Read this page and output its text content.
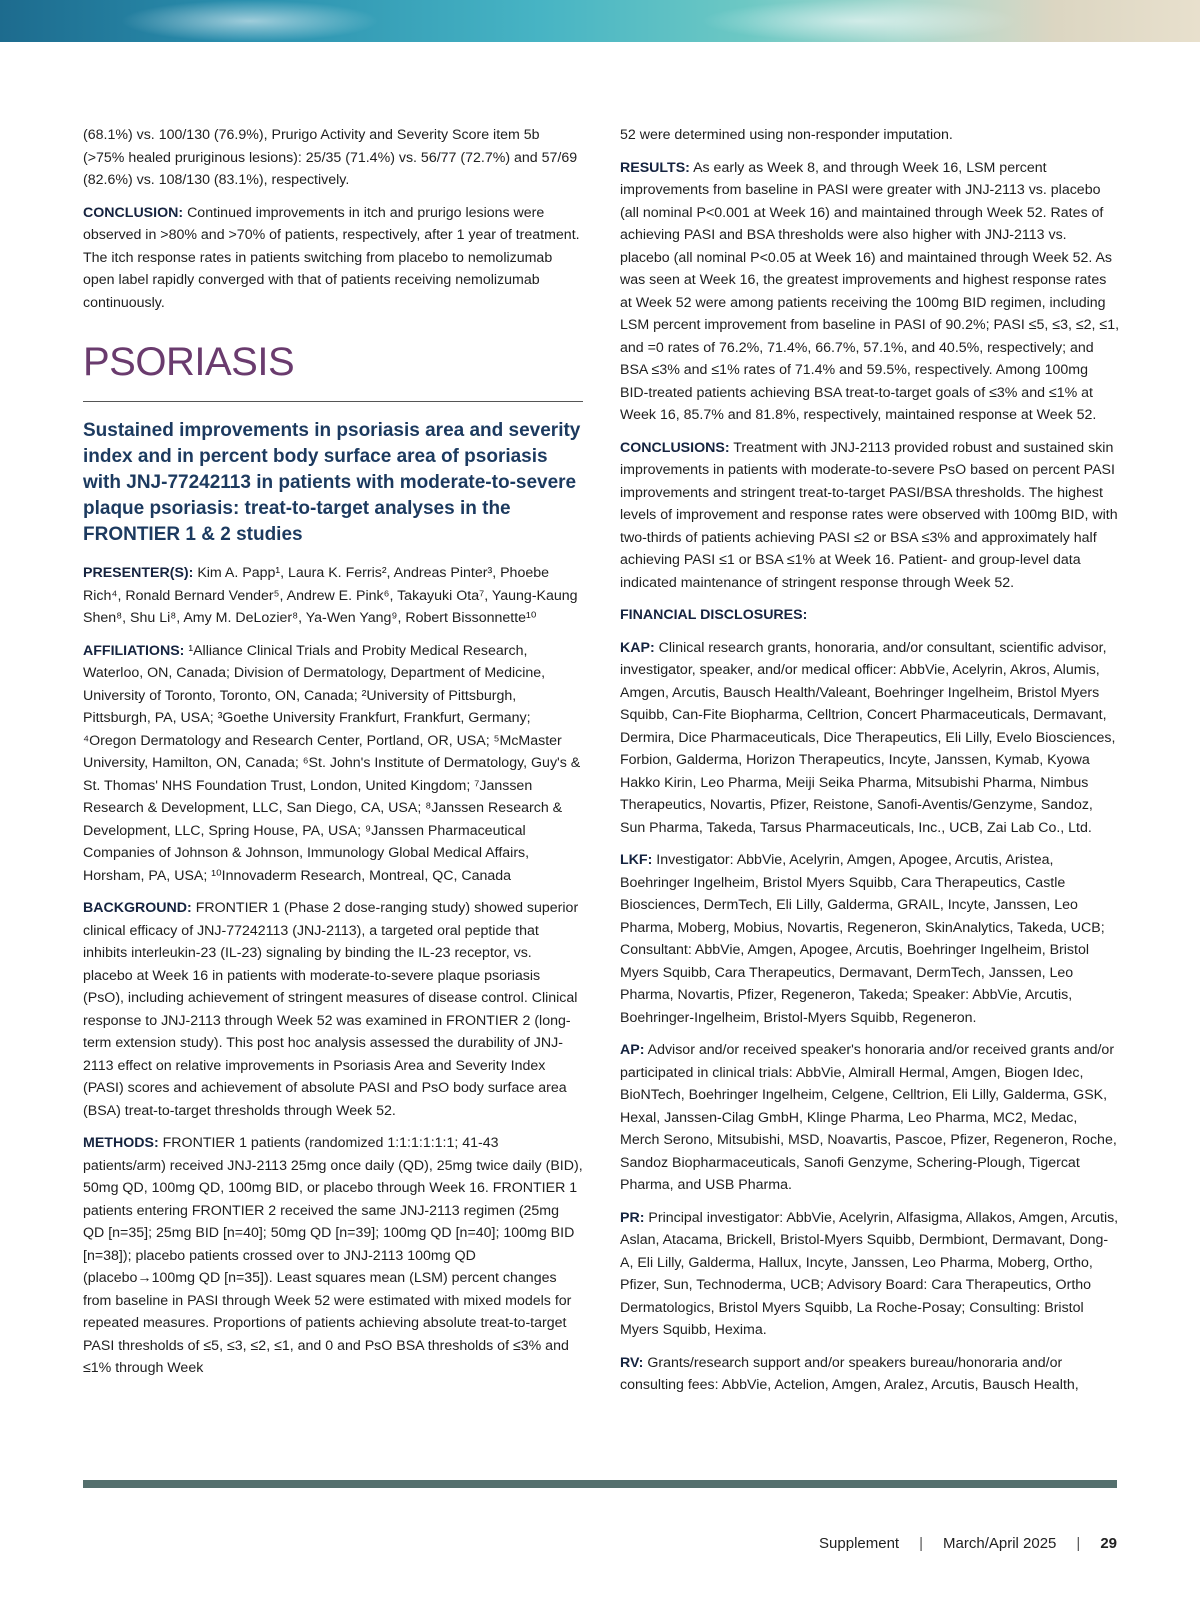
(68.1%) vs. 100/130 (76.9%), Prurigo Activity and Severity Score item 5b (>75% healed pruriginous lesions): 25/35 (71.4%) vs. 56/77 (72.7%) and 57/69 (82.6%) vs. 108/130 (83.1%), respectively.

CONCLUSION: Continued improvements in itch and prurigo lesions were observed in >80% and >70% of patients, respectively, after 1 year of treatment. The itch response rates in patients switching from placebo to nemolizumab open label rapidly converged with that of patients receiving nemolizumab continuously.

PSORIASIS
Sustained improvements in psoriasis area and severity index and in percent body surface area of psoriasis with JNJ-77242113 in patients with moderate-to-severe plaque psoriasis: treat-to-target analyses in the FRONTIER 1 & 2 studies

PRESENTER(S): Kim A. Papp¹, Laura K. Ferris², Andreas Pinter³, Phoebe Rich⁴, Ronald Bernard Vender⁵, Andrew E. Pink⁶, Takayuki Ota⁷, Yaung-Kaung Shen⁸, Shu Li⁸, Amy M. DeLozier⁸, Ya-Wen Yang⁹, Robert Bissonnette¹⁰

AFFILIATIONS: ¹Alliance Clinical Trials and Probity Medical Research, Waterloo, ON, Canada; Division of Dermatology, Department of Medicine, University of Toronto, Toronto, ON, Canada; ²University of Pittsburgh, Pittsburgh, PA, USA; ³Goethe University Frankfurt, Frankfurt, Germany; ⁴Oregon Dermatology and Research Center, Portland, OR, USA; ⁵McMaster University, Hamilton, ON, Canada; ⁶St. John's Institute of Dermatology, Guy's & St. Thomas' NHS Foundation Trust, London, United Kingdom; ⁷Janssen Research & Development, LLC, San Diego, CA, USA; ⁸Janssen Research & Development, LLC, Spring House, PA, USA; ⁹Janssen Pharmaceutical Companies of Johnson & Johnson, Immunology Global Medical Affairs, Horsham, PA, USA; ¹⁰Innovaderm Research, Montreal, QC, Canada

BACKGROUND: FRONTIER 1 (Phase 2 dose-ranging study) showed superior clinical efficacy of JNJ-77242113 (JNJ-2113), a targeted oral peptide that inhibits interleukin-23 (IL-23) signaling by binding the IL-23 receptor, vs. placebo at Week 16 in patients with moderate-to-severe plaque psoriasis (PsO), including achievement of stringent measures of disease control. Clinical response to JNJ-2113 through Week 52 was examined in FRONTIER 2 (long-term extension study). This post hoc analysis assessed the durability of JNJ-2113 effect on relative improvements in Psoriasis Area and Severity Index (PASI) scores and achievement of absolute PASI and PsO body surface area (BSA) treat-to-target thresholds through Week 52.

METHODS: FRONTIER 1 patients (randomized 1:1:1:1:1:1; 41-43 patients/arm) received JNJ-2113 25mg once daily (QD), 25mg twice daily (BID), 50mg QD, 100mg QD, 100mg BID, or placebo through Week 16. FRONTIER 1 patients entering FRONTIER 2 received the same JNJ-2113 regimen (25mg QD [n=35]; 25mg BID [n=40]; 50mg QD [n=39]; 100mg QD [n=40]; 100mg BID [n=38]); placebo patients crossed over to JNJ-2113 100mg QD (placebo→100mg QD [n=35]). Least squares mean (LSM) percent changes from baseline in PASI through Week 52 were estimated with mixed models for repeated measures. Proportions of patients achieving absolute treat-to-target PASI thresholds of ≤5, ≤3, ≤2, ≤1, and 0 and PsO BSA thresholds of ≤3% and ≤1% through Week

52 were determined using non-responder imputation.

RESULTS: As early as Week 8, and through Week 16, LSM percent improvements from baseline in PASI were greater with JNJ-2113 vs. placebo (all nominal P<0.001 at Week 16) and maintained through Week 52. Rates of achieving PASI and BSA thresholds were also higher with JNJ-2113 vs. placebo (all nominal P<0.05 at Week 16) and maintained through Week 52. As was seen at Week 16, the greatest improvements and highest response rates at Week 52 were among patients receiving the 100mg BID regimen, including LSM percent improvement from baseline in PASI of 90.2%; PASI ≤5, ≤3, ≤2, ≤1, and =0 rates of 76.2%, 71.4%, 66.7%, 57.1%, and 40.5%, respectively; and BSA ≤3% and ≤1% rates of 71.4% and 59.5%, respectively. Among 100mg BID-treated patients achieving BSA treat-to-target goals of ≤3% and ≤1% at Week 16, 85.7% and 81.8%, respectively, maintained response at Week 52.

CONCLUSIONS: Treatment with JNJ-2113 provided robust and sustained skin improvements in patients with moderate-to-severe PsO based on percent PASI improvements and stringent treat-to-target PASI/BSA thresholds. The highest levels of improvement and response rates were observed with 100mg BID, with two-thirds of patients achieving PASI ≤2 or BSA ≤3% and approximately half achieving PASI ≤1 or BSA ≤1% at Week 16. Patient- and group-level data indicated maintenance of stringent response through Week 52.

FINANCIAL DISCLOSURES:

KAP: Clinical research grants, honoraria, and/or consultant, scientific advisor, investigator, speaker, and/or medical officer: AbbVie, Acelyrin, Akros, Alumis, Amgen, Arcutis, Bausch Health/Valeant, Boehringer Ingelheim, Bristol Myers Squibb, Can-Fite Biopharma, Celltrion, Concert Pharmaceuticals, Dermavant, Dermira, Dice Pharmaceuticals, Dice Therapeutics, Eli Lilly, Evelo Biosciences, Forbion, Galderma, Horizon Therapeutics, Incyte, Janssen, Kymab, Kyowa Hakko Kirin, Leo Pharma, Meiji Seika Pharma, Mitsubishi Pharma, Nimbus Therapeutics, Novartis, Pfizer, Reistone, Sanofi-Aventis/Genzyme, Sandoz, Sun Pharma, Takeda, Tarsus Pharmaceuticals, Inc., UCB, Zai Lab Co., Ltd.

LKF: Investigator: AbbVie, Acelyrin, Amgen, Apogee, Arcutis, Aristea, Boehringer Ingelheim, Bristol Myers Squibb, Cara Therapeutics, Castle Biosciences, DermTech, Eli Lilly, Galderma, GRAIL, Incyte, Janssen, Leo Pharma, Moberg, Mobius, Novartis, Regeneron, SkinAnalytics, Takeda, UCB; Consultant: AbbVie, Amgen, Apogee, Arcutis, Boehringer Ingelheim, Bristol Myers Squibb, Cara Therapeutics, Dermavant, DermTech, Janssen, Leo Pharma, Novartis, Pfizer, Regeneron, Takeda; Speaker: AbbVie, Arcutis, Boehringer-Ingelheim, Bristol-Myers Squibb, Regeneron.

AP: Advisor and/or received speaker's honoraria and/or received grants and/or participated in clinical trials: AbbVie, Almirall Hermal, Amgen, Biogen Idec, BioNTech, Boehringer Ingelheim, Celgene, Celltrion, Eli Lilly, Galderma, GSK, Hexal, Janssen-Cilag GmbH, Klinge Pharma, Leo Pharma, MC2, Medac, Merch Serono, Mitsubishi, MSD, Noavartis, Pascoe, Pfizer, Regeneron, Roche, Sandoz Biopharmaceuticals, Sanofi Genzyme, Schering-Plough, Tigercat Pharma, and USB Pharma.

PR: Principal investigator: AbbVie, Acelyrin, Alfasigma, Allakos, Amgen, Arcutis, Aslan, Atacama, Brickell, Bristol-Myers Squibb, Dermbiont, Dermavant, Dong-A, Eli Lilly, Galderma, Hallux, Incyte, Janssen, Leo Pharma, Moberg, Ortho, Pfizer, Sun, Technoderma, UCB; Advisory Board: Cara Therapeutics, Ortho Dermatologics, Bristol Myers Squibb, La Roche-Posay; Consulting: Bristol Myers Squibb, Hexima.

RV: Grants/research support and/or speakers bureau/honoraria and/or consulting fees: AbbVie, Actelion, Amgen, Aralez, Arcutis, Bausch Health,

Supplement | March/April 2025 | 29
